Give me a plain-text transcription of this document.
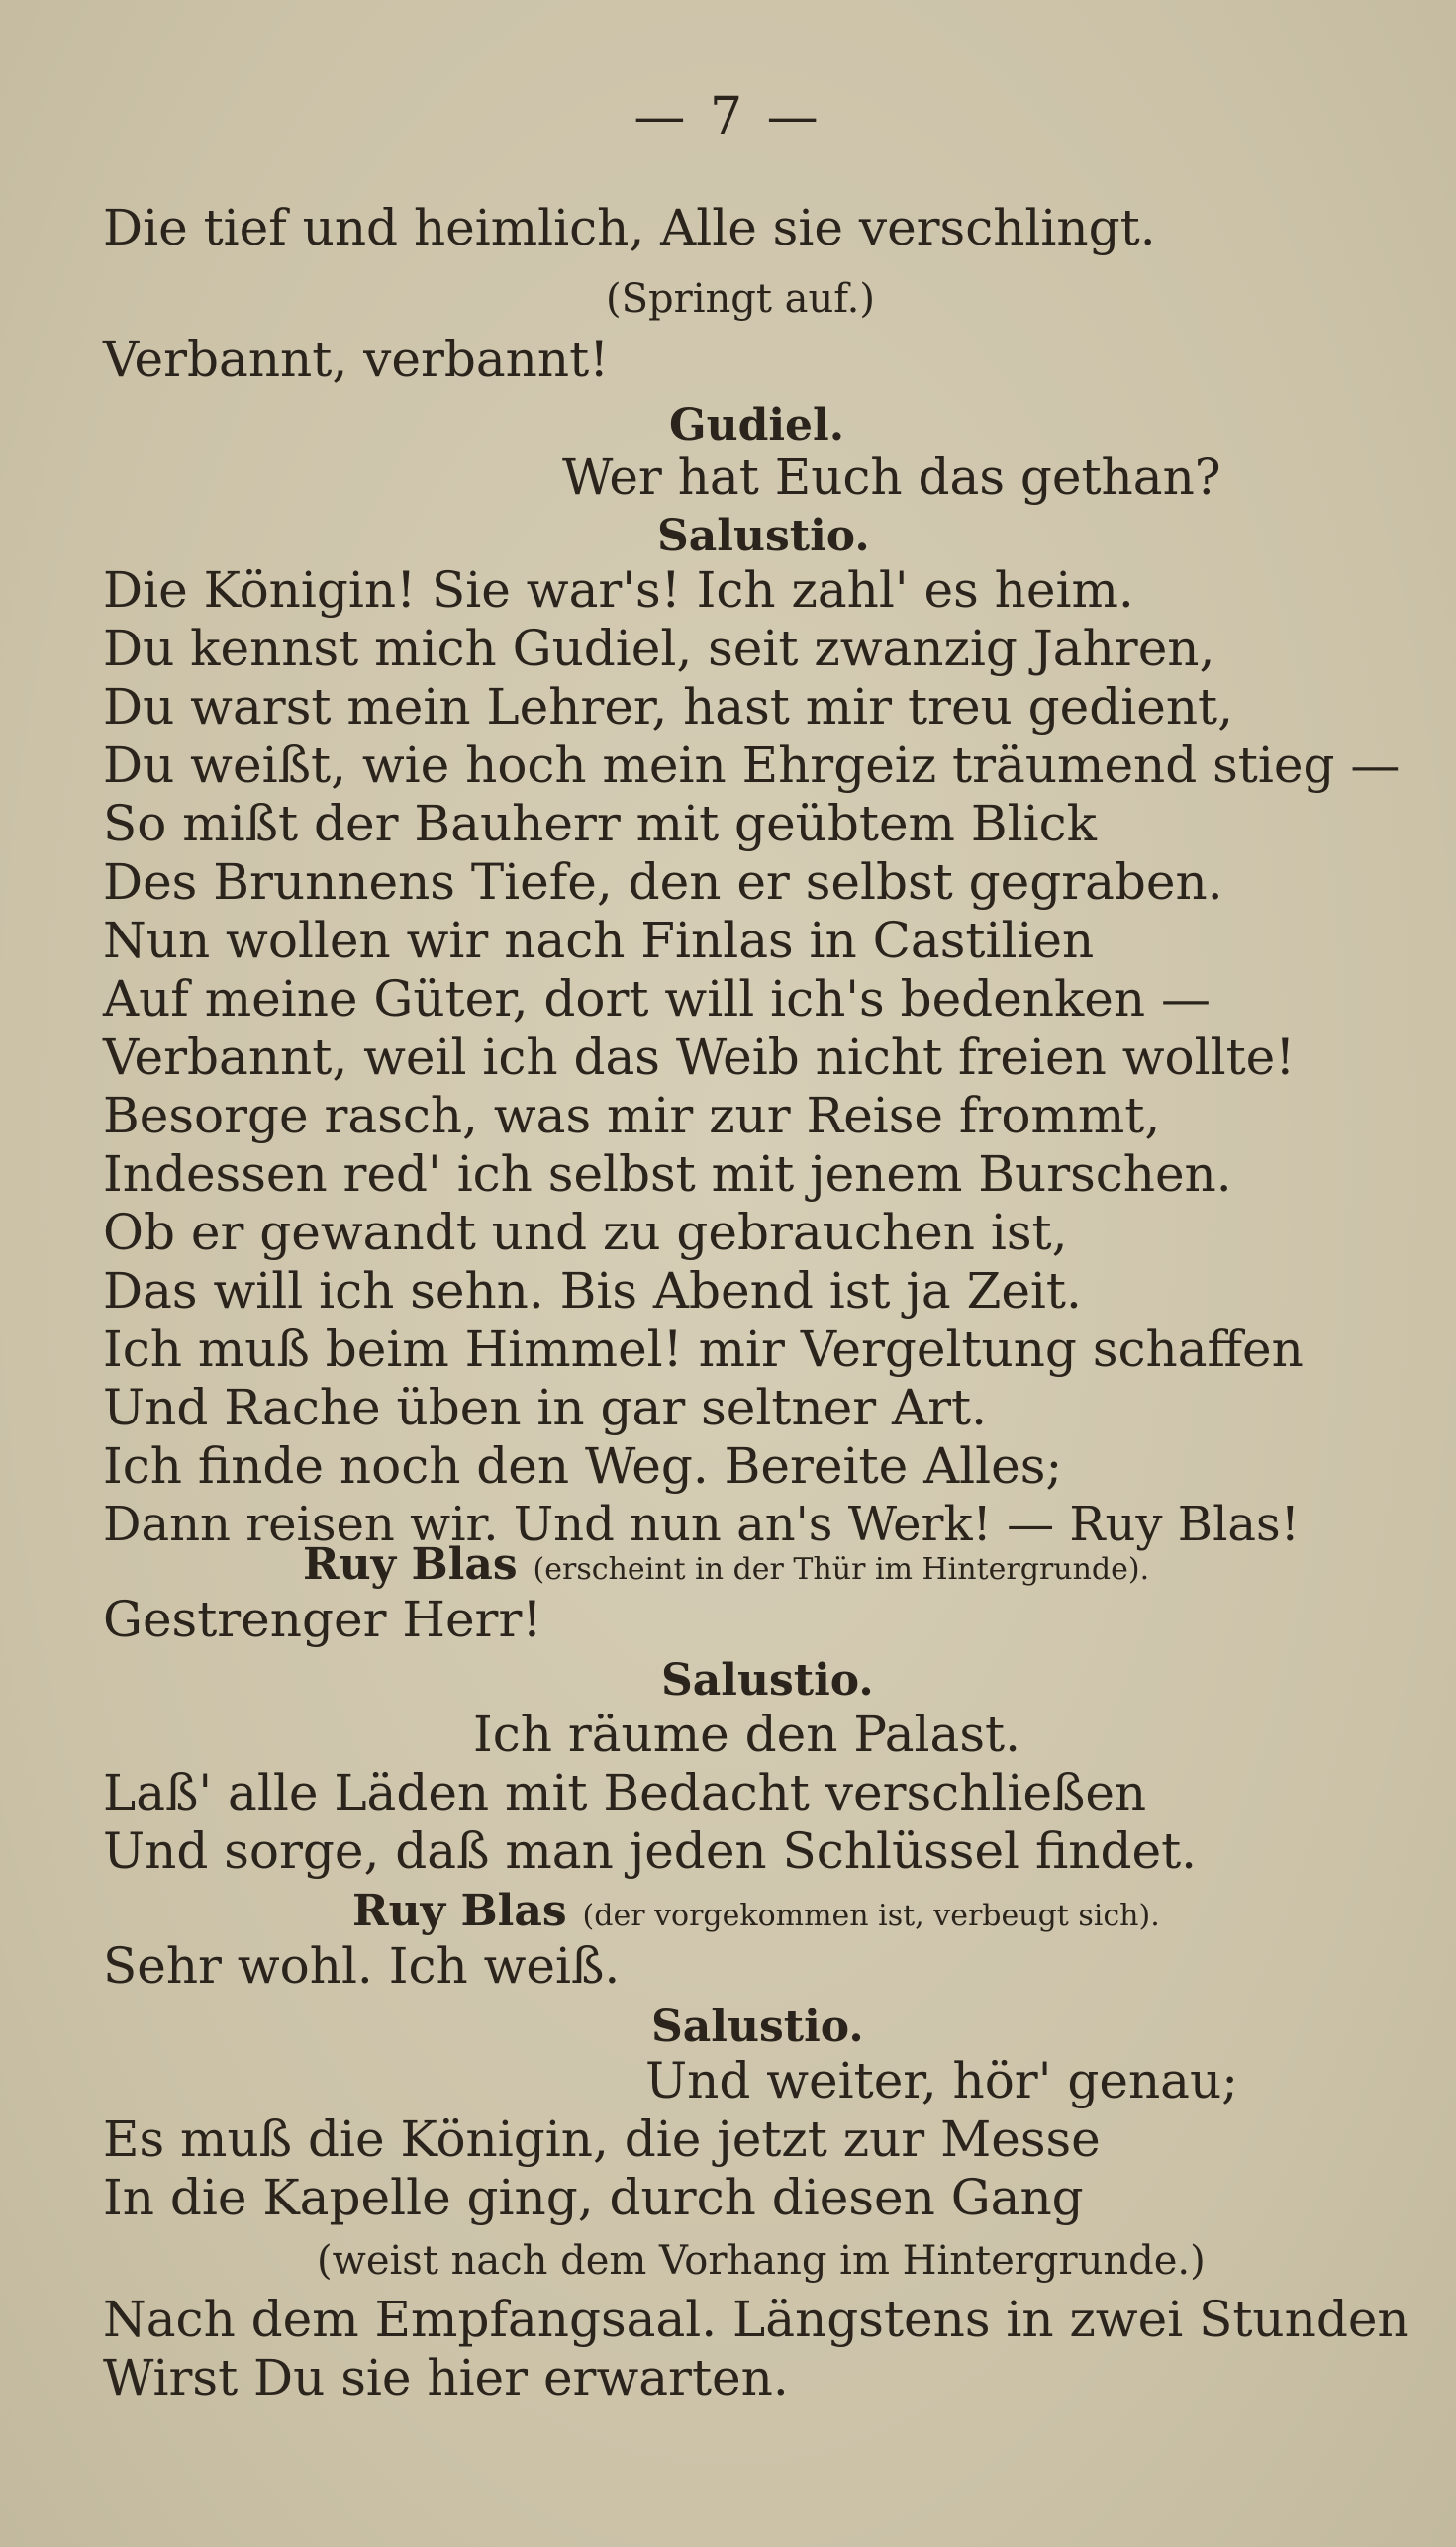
— 7 —
Die tief und heimlich, Alle sie verschlingt.
(Springt auf.)
Verbannt, verbannt!
Gudiel.
Wer hat Euch das gethan?
Salustio.
Die Königin! Sie war's! Ich zahl' es heim.
Du kennst mich Gudiel, seit zwanzig Jahren,
Du warst mein Lehrer, hast mir treu gedient,
Du weißt, wie hoch mein Ehrgeiz träumend stieg —
So mißt der Bauherr mit geübtem Blick
Des Brunnens Tiefe, den er selbst gegraben.
Nun wollen wir nach Finlas in Castilien
Auf meine Güter, dort will ich's bedenken —
Verbannt, weil ich das Weib nicht freien wollte!
Besorge rasch, was mir zur Reise frommt,
Indessen red' ich selbst mit jenem Burschen.
Ob er gewandt und zu gebrauchen ist,
Das will ich sehn. Bis Abend ist ja Zeit.
Ich muß beim Himmel! mir Vergeltung schaffen
Und Rache üben in gar seltner Art.
Ich finde noch den Weg. Bereite Alles;
Dann reisen wir. Und nun an's Werk! — Ruy Blas!
Ruy Blas (erscheint in der Thür im Hintergrunde).
Gestrenger Herr!
Salustio.
Ich räume den Palast.
Laß' alle Läden mit Bedacht verschließen
Und sorge, daß man jeden Schlüssel findet.
Ruy Blas (der vorgekommen ist, verbeugt sich).
Sehr wohl. Ich weiß.
Salustio.
Und weiter, hör' genau;
Es muß die Königin, die jetzt zur Messe
In die Kapelle ging, durch diesen Gang
(weist nach dem Vorhang im Hintergrunde.)
Nach dem Empfangsaal. Längstens in zwei Stunden
Wirst Du sie hier erwarten.
